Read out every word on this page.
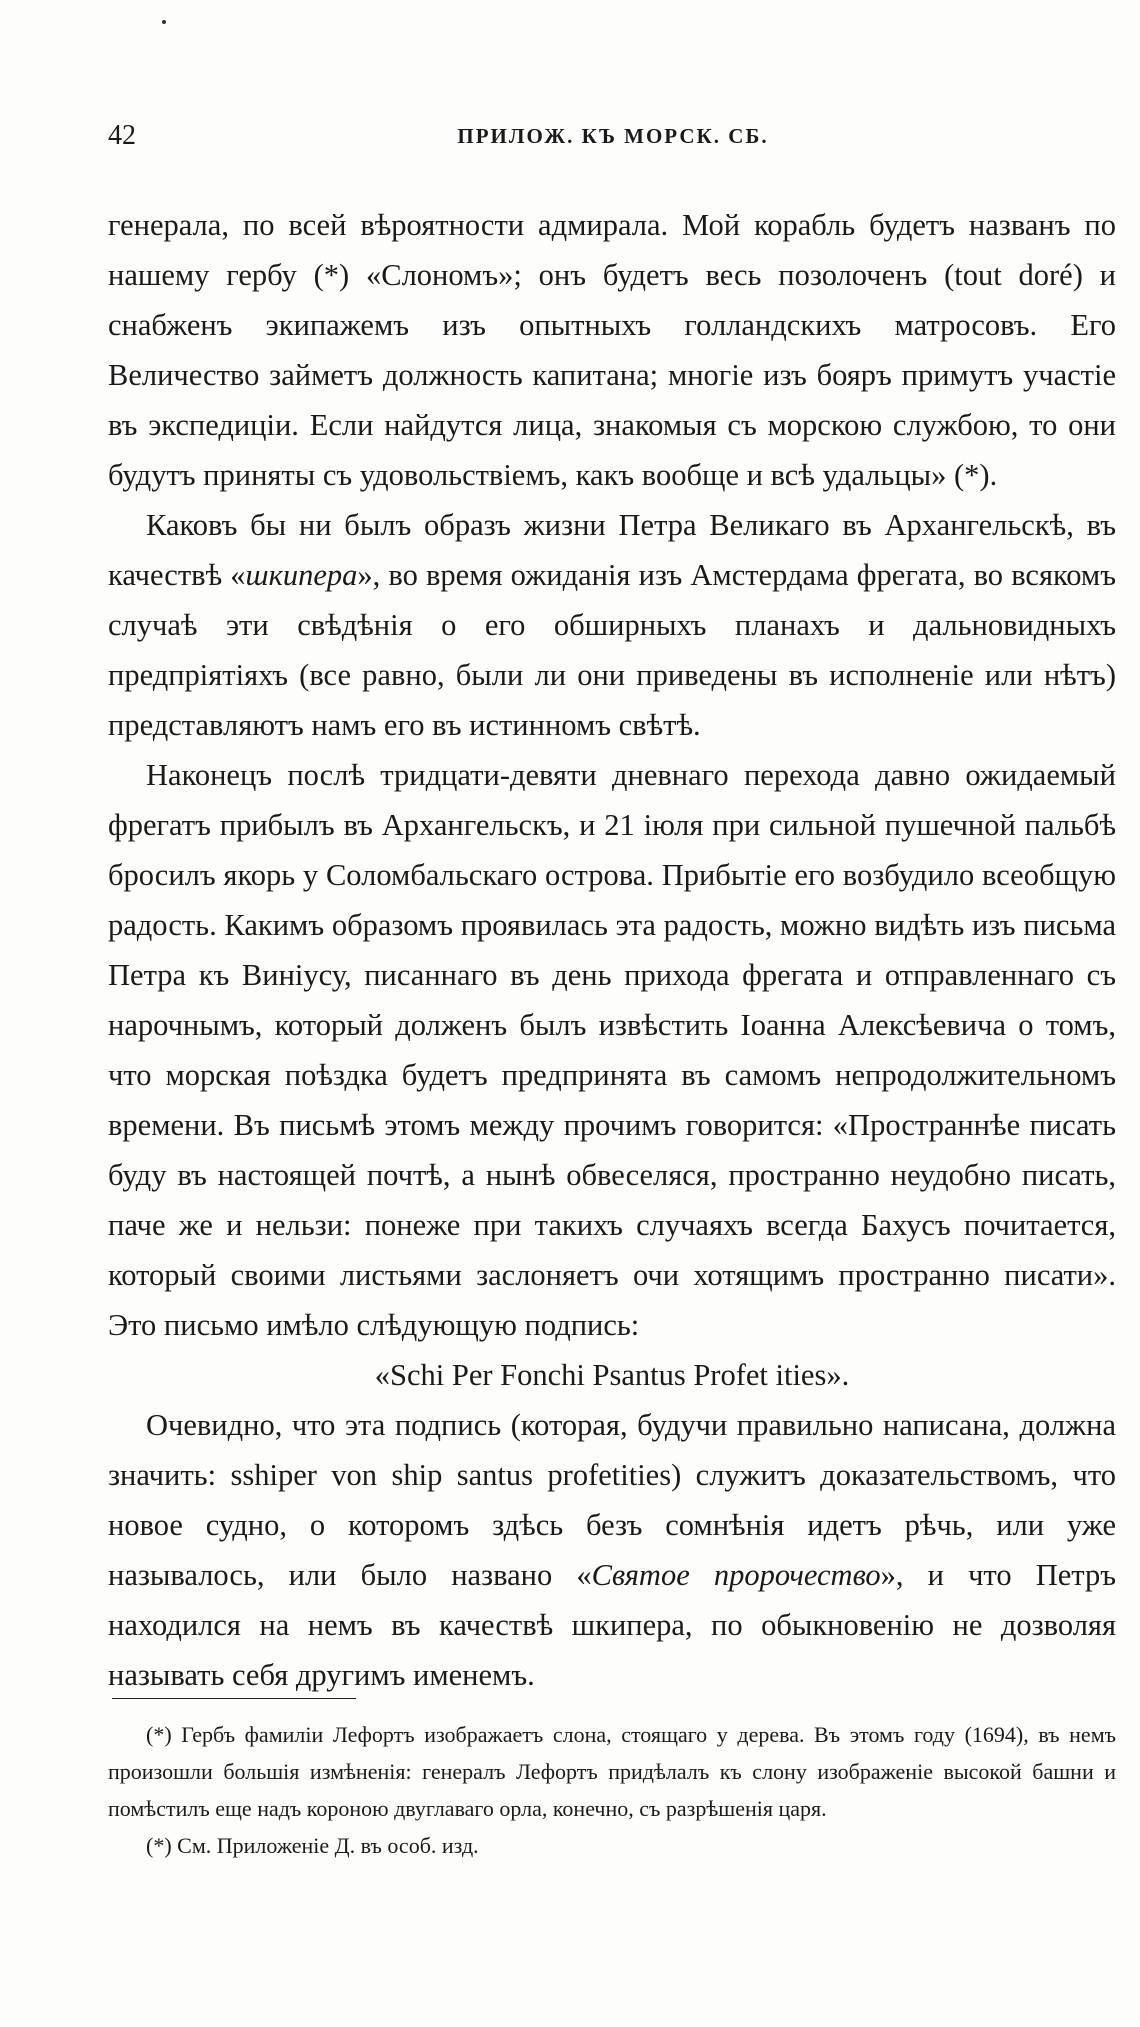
42	ПРИЛОЖ. КЪ МОРСК. СБ.

генерала, по всей вѣроятности адмирала. Мой корабль будетъ названъ по нашему гербу (*) «Слономъ»; онъ будетъ весь позолоченъ (tout doré) и снабженъ экипажемъ изъ опытныхъ голландскихъ матросовъ. Его Величество займетъ должность капитана; многіе изъ бояръ примутъ участіе въ экспедиціи. Если найдутся лица, знакомыя съ морскою службою, то они будутъ приняты съ удовольствіемъ, какъ вообще и всѣ удальцы» (*).

Каковъ бы ни былъ образъ жизни Петра Великаго въ Архангельскѣ, въ качествѣ «шкипера», во время ожиданія изъ Амстердама фрегата, во всякомъ случаѣ эти свѣдѣнія о его обширныхъ планахъ и дальновидныхъ предпріятіяхъ (все равно, были ли они приведены въ исполненіе или нѣтъ) представляютъ намъ его въ истинномъ свѣтѣ.

Наконецъ послѣ тридцати-девяти дневнаго перехода давно ожидаемый фрегатъ прибылъ въ Архангельскъ, и 21 іюля при сильной пушечной пальбѣ бросилъ якорь у Соломбальскаго острова. Прибытіе его возбудило всеобщую радость. Какимъ образомъ проявилась эта радость, можно видѣть изъ письма Петра къ Виніусу, писаннаго въ день прихода фрегата и отправленнаго съ нарочнымъ, который долженъ былъ извѣстить Іоанна Алексѣевича о томъ, что морская поѣздка будетъ предпринята въ самомъ непродолжительномъ времени. Въ письмѣ этомъ между прочимъ говорится: «Пространнѣе писать буду въ настоящей почтѣ, а нынѣ обвеселяся, пространно неудобно писать, паче же и нельзи: понеже при такихъ случаяхъ всегда Бахусъ почитается, который своими листьями заслоняетъ очи хотящимъ пространно писати». Это письмо имѣло слѣдующую подпись:

«Schi Per Fonchi Psantus Profet ities».

Очевидно, что эта подпись (которая, будучи правильно написана, должна значить: sshiper von ship santus profetities) служитъ доказательствомъ, что новое судно, о которомъ здѣсь безъ сомнѣнія идетъ рѣчь, или уже называлось, или было названо «Святое пророчество», и что Петръ находился на немъ въ качествѣ шкипера, по обыкновенію не дозволяя называть себя другимъ именемъ.

(*) Гербъ фамиліи Лефортъ изображаетъ слона, стоящаго у дерева. Въ этомъ году (1694), въ немъ произошли большія измѣненія: генералъ Лефортъ придѣлалъ къ слону изображеніе высокой башни и помѣстилъ еще надъ короною двуглаваго орла, конечно, съ разрѣшенія царя.

(*) См. Приложеніе Д. въ особ. изд.
